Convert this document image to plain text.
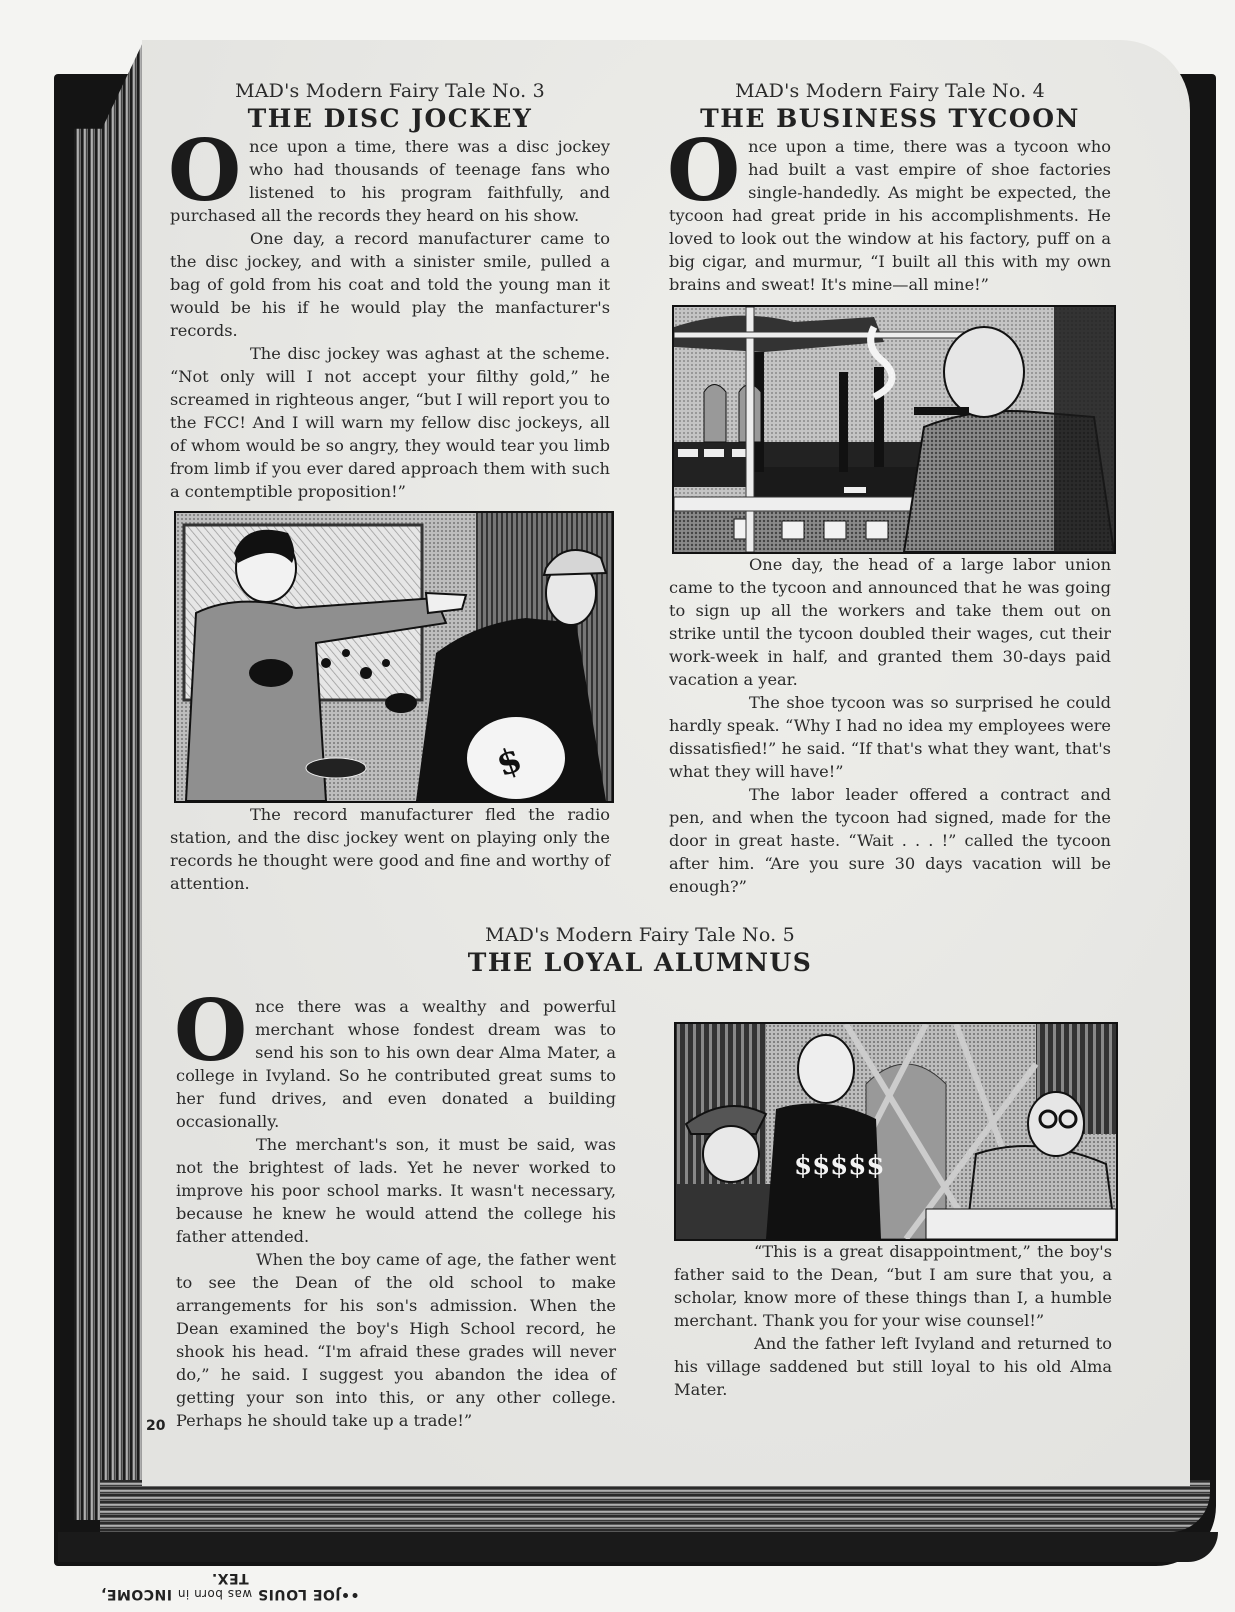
MAD's Modern Fairy Tale No. 3
THE DISC JOCKEY

Once upon a time, there was a disc jockey who had thousands of teenage fans who listened to his program faithfully, and purchased all the records they heard on his show.

One day, a record manufacturer came to the disc jockey, and with a sinister smile, pulled a bag of gold from his coat and told the young man it would be his if he would play the manfacturer's records.

The disc jockey was aghast at the scheme. “Not only will I not accept your filthy gold,” he screamed in righteous anger, “but I will report you to the FCC! And I will warn my fellow disc jockeys, all of whom would be so angry, they would tear you limb from limb if you ever dared approach them with such a contemptible proposition!”

$

The record manufacturer fled the radio station, and the disc jockey went on playing only the records he thought were good and fine and worthy of attention.

MAD's Modern Fairy Tale No. 4
THE BUSINESS TYCOON

Once upon a time, there was a tycoon who had built a vast empire of shoe factories single-handedly. As might be expected, the tycoon had great pride in his accomplishments. He loved to look out the window at his factory, puff on a big cigar, and murmur, “I built all this with my own brains and sweat! It's mine—all mine!”

One day, the head of a large labor union came to the tycoon and announced that he was going to sign up all the workers and take them out on strike until the tycoon doubled their wages, cut their work-week in half, and granted them 30-days paid vacation a year.

The shoe tycoon was so surprised he could hardly speak. “Why I had no idea my employees were dissatisfied!” he said. “If that's what they want, that's what they will have!”

The labor leader offered a contract and pen, and when the tycoon had signed, made for the door in great haste. “Wait . . . !” called the tycoon after him. “Are you sure 30 days vacation will be enough?”

MAD's Modern Fairy Tale No. 5
THE LOYAL ALUMNUS

Once there was a wealthy and powerful merchant whose fondest dream was to send his son to his own dear Alma Mater, a college in Ivyland. So he contributed great sums to her fund drives, and even donated a building occasionally.

The merchant's son, it must be said, was not the brightest of lads. Yet he never worked to improve his poor school marks. It wasn't necessary, because he knew he would attend the college his father attended.

When the boy came of age, the father went to see the Dean of the old school to make arrangements for his son's admission. When the Dean examined the boy's High School record, he shook his head. “I'm afraid these grades will never do,” he said. I suggest you abandon the idea of getting your son into this, or any other college. Perhaps he should take up a trade!”

$$$$$

“This is a great disappointment,” the boy's father said to the Dean, “but I am sure that you, a scholar, know more of these things than I, a humble merchant. Thank you for your wise counsel!”

And the father left Ivyland and returned to his village saddened but still loyal to his old Alma Mater.

20
••JOE LOUIS was born in INCOME, TEX.
